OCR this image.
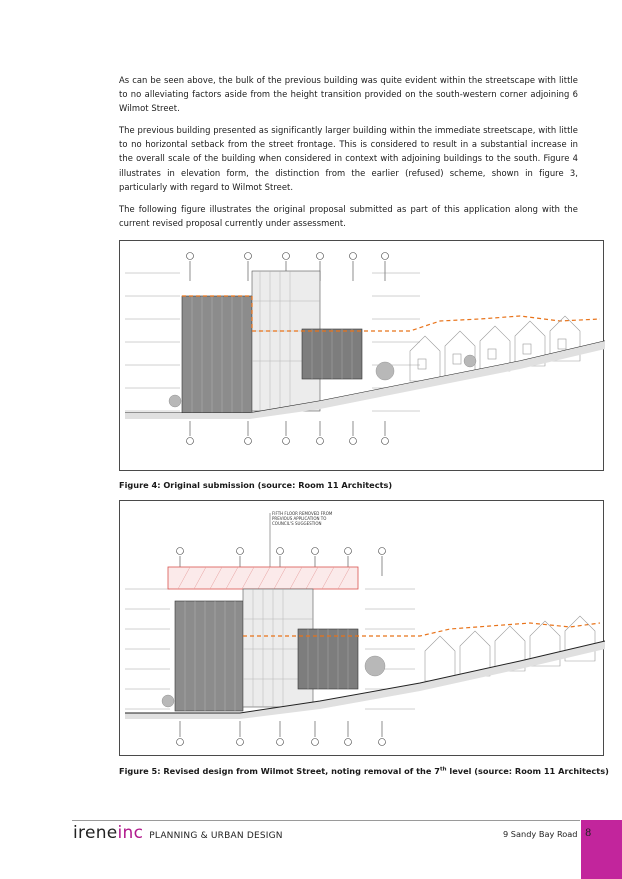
As can be seen above, the bulk of the previous building was quite evident within the streetscape with little to no alleviating factors aside from the height transition provided on the south-western corner adjoining 6 Wilmot Street.

The previous building presented as significantly larger building within the immediate streetscape, with little to no horizontal setback from the street frontage. This is considered to result in a substantial increase in the overall scale of the building when considered in context with adjoining buildings to the south. Figure 4 illustrates in elevation form, the distinction from the earlier (refused) scheme, shown in figure 3, particularly with regard to Wilmot Street.

The following figure illustrates the original proposal submitted as part of this application along with the current revised proposal currently under assessment.

Figure 4: Original submission (source: Room 11 Architects)

FIFTH FLOOR REMOVED FROM
PREVIOUS APPLICATION TO
COUNCIL'S SUGGESTION

Figure 5: Revised design from Wilmot Street, noting removal of the 7th level (source: Room 11 Architects)

ireneinc PLANNING & URBAN DESIGN	9 Sandy Bay Road 8
